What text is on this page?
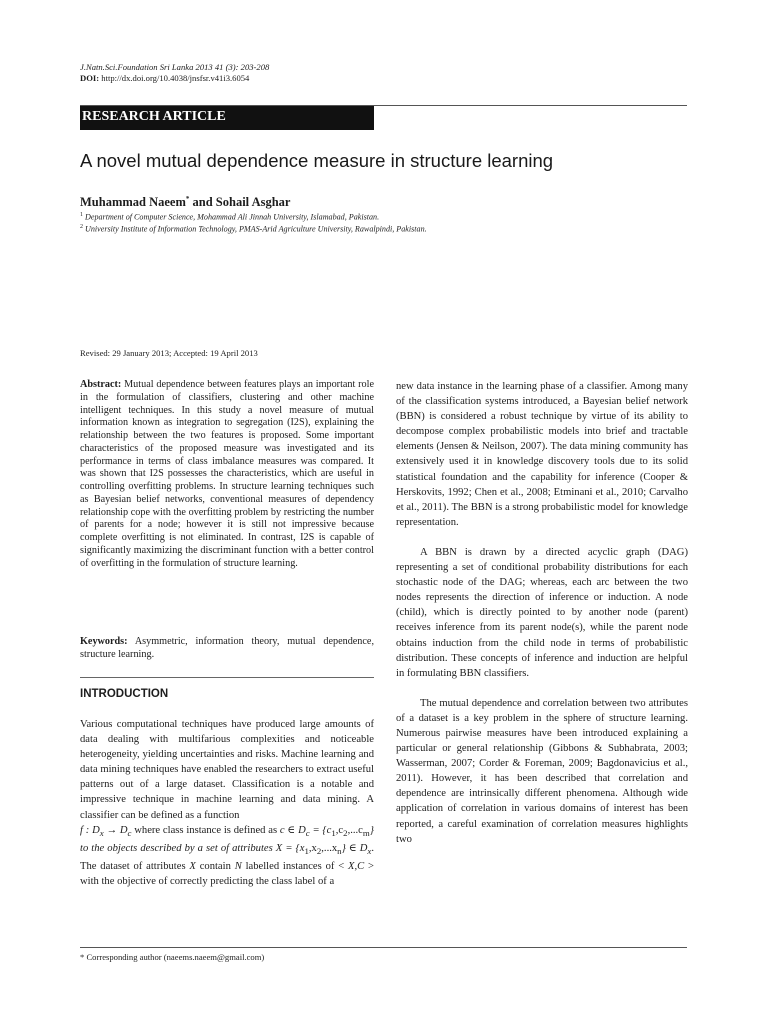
J.Natn.Sci.Foundation Sri Lanka 2013 41 (3): 203-208
DOI: http://dx.doi.org/10.4038/jnsfsr.v41i3.6054
RESEARCH ARTICLE
A novel mutual dependence measure in structure learning
Muhammad Naeem* and Sohail Asghar
$^1$ Department of Computer Science, Mohammad Ali Jinnah University, Islamabad, Pakistan.
$^2$ University Institute of Information Technology, PMAS-Arid Agriculture University, Rawalpindi, Pakistan.
Revised: 29 January 2013; Accepted: 19 April 2013
Abstract: Mutual dependence between features plays an important role in the formulation of classifiers, clustering and other machine intelligent techniques. In this study a novel measure of mutual information known as integration to segregation (I2S), explaining the relationship between the two features is proposed. Some important characteristics of the proposed measure was investigated and its performance in terms of class imbalance measures was compared. It was shown that I2S possesses the characteristics, which are useful in controlling overfitting problems. In structure learning techniques such as Bayesian belief networks, conventional measures of dependency relationship cope with the overfitting problem by restricting the number of parents for a node; however it is still not impressive because complete overfitting is not eliminated. In contrast, I2S is capable of significantly maximizing the discriminant function with a better control of overfitting in the formulation of structure learning.
Keywords: Asymmetric, information theory, mutual dependence, structure learning.
INTRODUCTION
Various computational techniques have produced large amounts of data dealing with multifarious complexities and noticeable heterogeneity, yielding uncertainties and risks. Machine learning and data mining techniques have enabled the researchers to extract useful patterns out of a large dataset. Classification is a notable and impressive technique in machine learning and data mining. A classifier can be defined as a function
f : $D_x \to D_c$ where class instance is defined as c ∈ $D_c = \{c_1,c_2,...c_m\}$ to the objects described by a set of attributes $X = \{x_1,x_2,...x_n\}$ ∈ $D_x$. The dataset of attributes X contain N labelled instances of < X,C > with the objective of correctly predicting the class label of a

new data instance in the learning phase of a classifier. Among many of the classification systems introduced, a Bayesian belief network (BBN) is considered a robust technique by virtue of its ability to decompose complex probabilistic models into brief and tractable elements (Jensen & Neilson, 2007). The data mining community has extensively used it in knowledge discovery tools due to its solid statistical foundation and the capability for inference (Cooper & Herskovits, 1992; Chen et al., 2008; Etminani et al., 2010; Carvalho et al., 2011). The BBN is a strong probabilistic model for knowledge representation.

A BBN is drawn by a directed acyclic graph (DAG) representing a set of conditional probability distributions for each stochastic node of the DAG; whereas, each arc between the two nodes represents the direction of inference or induction. A node (child), which is directly pointed to by another node (parent) receives inference from its parent node(s), while the parent node obtains induction from the child node in terms of probabilistic distribution. These concepts of inference and induction are helpful in formulating BBN classifiers.

The mutual dependence and correlation between two attributes of a dataset is a key problem in the sphere of structure learning. Numerous pairwise measures have been introduced explaining a particular or general relationship (Gibbons & Subhabrata, 2003; Wasserman, 2007; Corder & Foreman, 2009; Bagdonavicius et al., 2011). However, it has been described that correlation and dependence are intrinsically different phenomena. Although wide application of correlation in various domains of interest has been reported, a careful examination of correlation measures highlights two

* Corresponding author (naeems.naeem@gmail.com)
